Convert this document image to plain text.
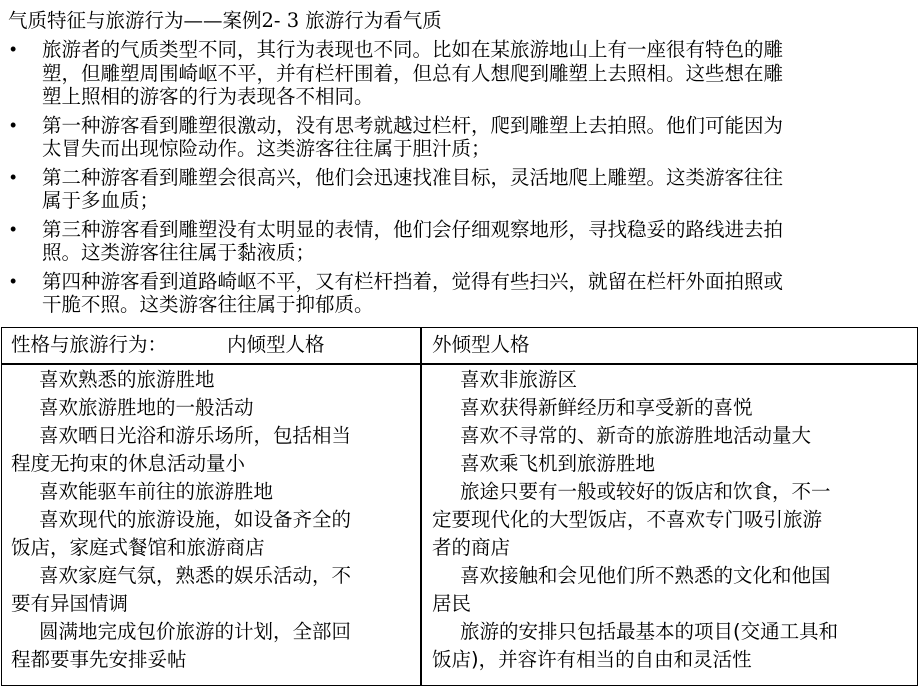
气质特征与旅游行为——案例2- 3 旅游行为看气质
• 旅游者的气质类型不同，其行为表现也不同。比如在某旅游地山上有一座很有特色的雕
塑，但雕塑周围崎岖不平，并有栏杆围着，但总有人想爬到雕塑上去照相。这些想在雕
塑上照相的游客的行为表现各不相同。
• 第一种游客看到雕塑很激动，没有思考就越过栏杆，爬到雕塑上去拍照。他们可能因为
太冒失而出现惊险动作。这类游客往往属于胆汁质；
• 第二种游客看到雕塑会很高兴，他们会迅速找准目标，灵活地爬上雕塑。这类游客往往
属于多血质；
• 第三种游客看到雕塑没有太明显的表情，他们会仔细观察地形，寻找稳妥的路线进去拍
照。这类游客往往属于黏液质；
• 第四种游客看到道路崎岖不平，又有栏杆挡着，觉得有些扫兴，就留在栏杆外面拍照或
干脆不照。这类游客往往属于抑郁质。
性格与旅游行为：	内倾型人格	外倾型人格

喜欢熟悉的旅游胜地

喜欢旅游胜地的一般活动

喜欢晒日光浴和游乐场所，包括相当
程度无拘束的休息活动量小

喜欢能驱车前往的旅游胜地

喜欢现代的旅游设施，如设备齐全的
饭店，家庭式餐馆和旅游商店

喜欢家庭气氛，熟悉的娱乐活动，不
要有异国情调

圆满地完成包价旅游的计划，全部回
程都要事先安排妥帖

喜欢非旅游区

喜欢获得新鲜经历和享受新的喜悦

喜欢不寻常的、新奇的旅游胜地活动量大

喜欢乘飞机到旅游胜地

旅途只要有一般或较好的饭店和饮食，不一
定要现代化的大型饭店，不喜欢专门吸引旅游
者的商店

喜欢接触和会见他们所不熟悉的文化和他国
居民

旅游的安排只包括最基本的项目(交通工具和
饭店)，并容许有相当的自由和灵活性
